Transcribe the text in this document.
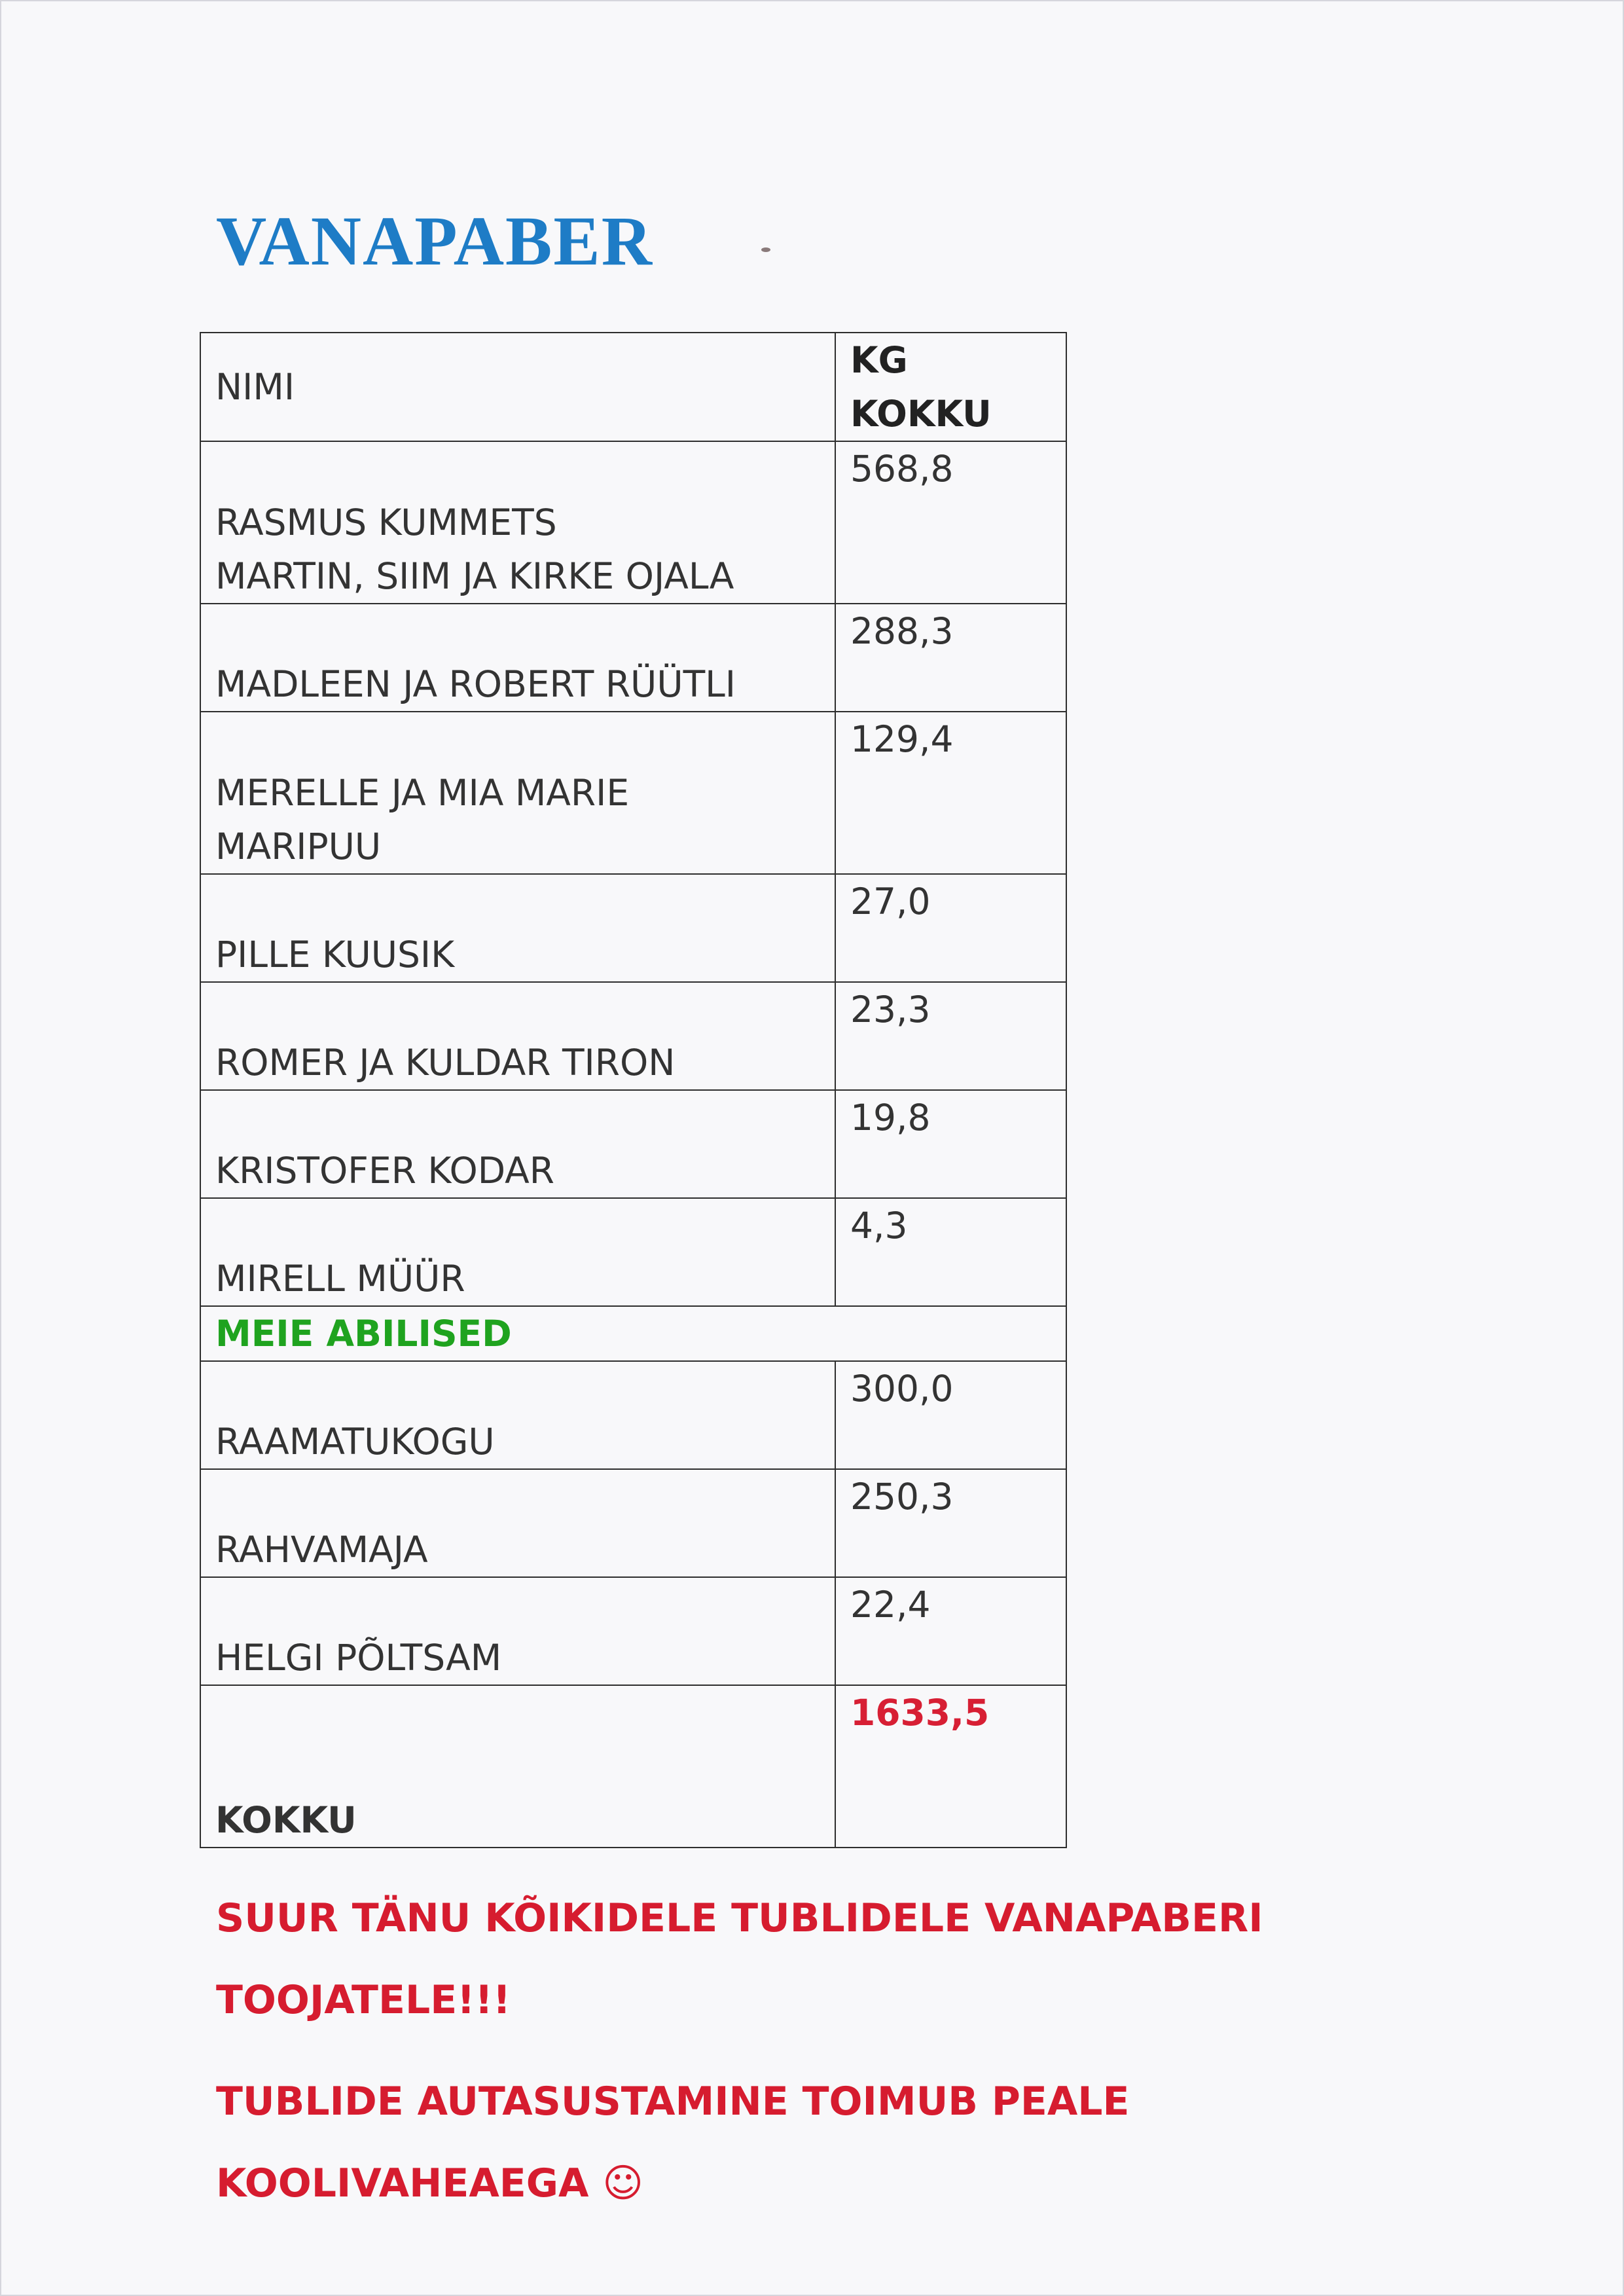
VANAPABER
NIMI	KG KOKKU

RASMUS KUMMETS
MARTIN, SIIM JA KIRKE OJALA	568,8

MADLEEN JA ROBERT RÜÜTLI	288,3

MERELLE JA MIA MARIE
MARIPUU	129,4

PILLE KUUSIK	27,0

ROMER JA KULDAR TIRON	23,3

KRISTOFER KODAR	19,8

MIRELL MÜÜR	4,3
MEIE ABILISED	

RAAMATUKOGU	300,0

RAHVAMAJA	250,3

HELGI PÕLTSAM	22,4

KOKKU	1633,5
SUUR TÄNU KÕIKIDELE TUBLIDELE VANAPABERI
TOOJATELE!!!
TUBLIDE AUTASUSTAMINE TOIMUB PEALE
KOOLIVAHEAEGA ☺
